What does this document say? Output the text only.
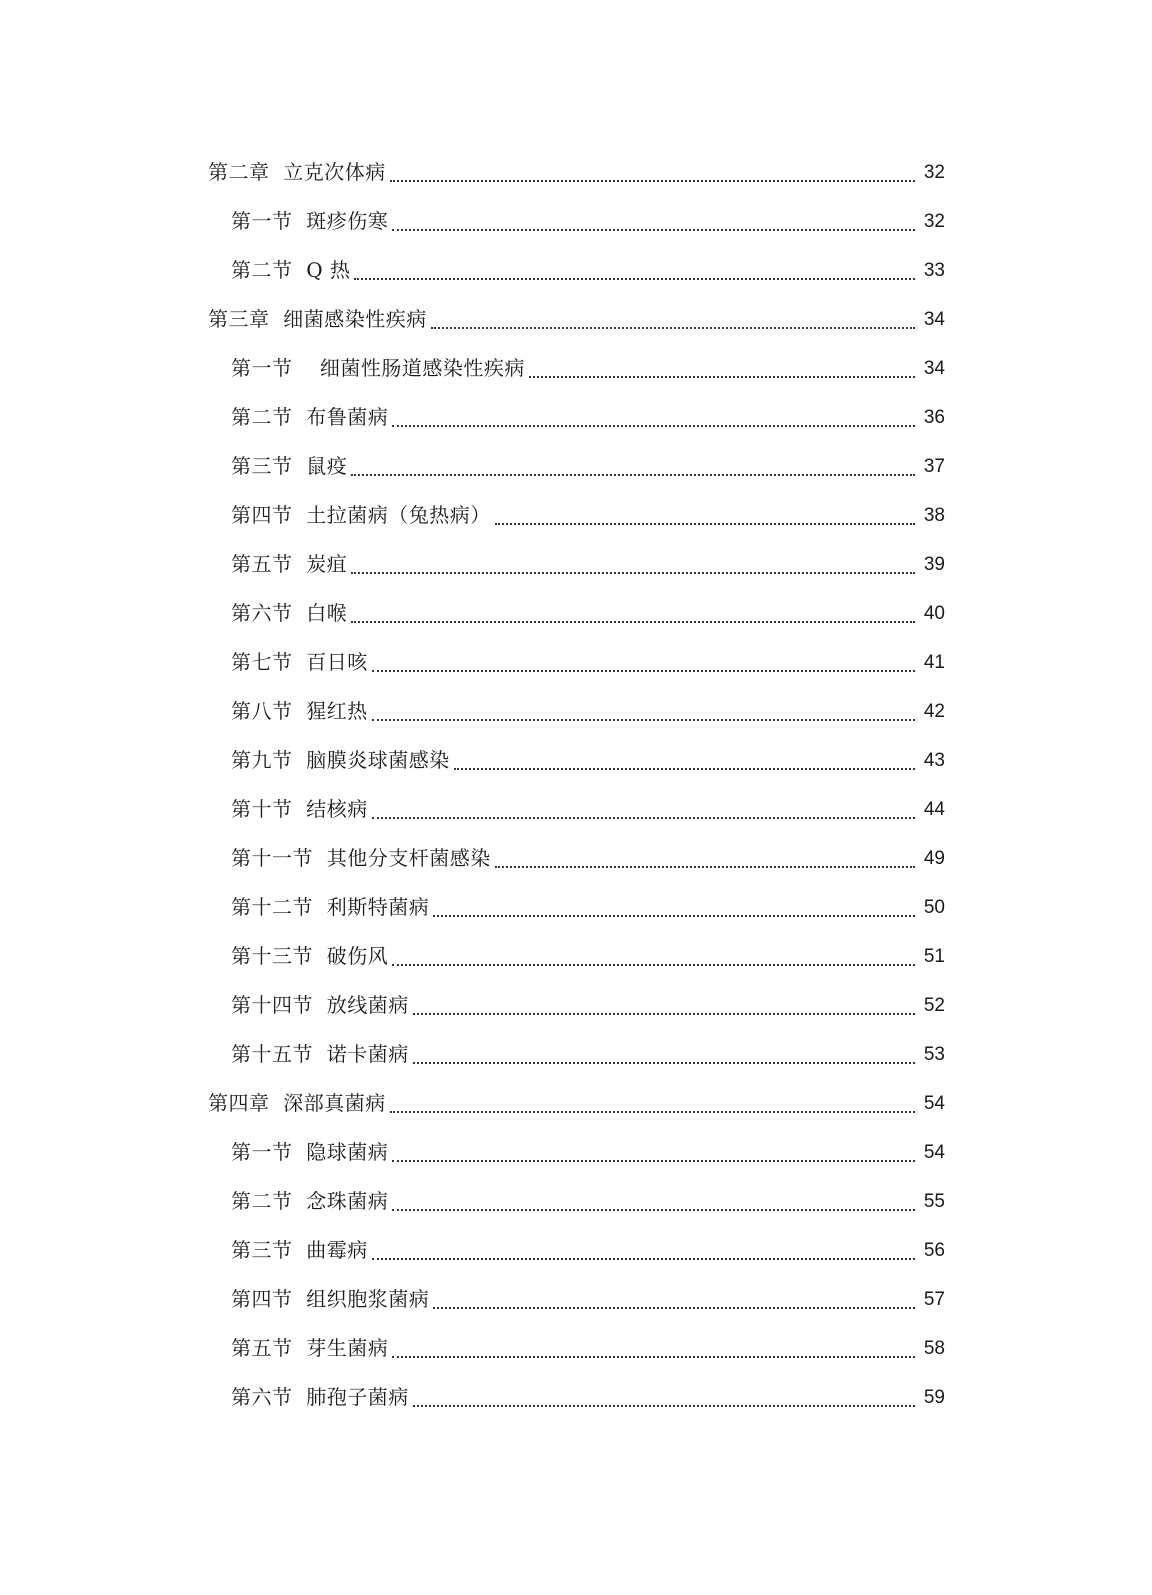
第二章  立克次体病	32
第一节  斑疹伤寒	32
第二节  Q 热	33
第三章  细菌感染性疾病	34
第一节    细菌性肠道感染性疾病	34
第二节  布鲁菌病	36
第三节  鼠疫	37
第四节  土拉菌病（兔热病）	38
第五节  炭疽	39
第六节  白喉	40
第七节  百日咳	41
第八节  猩红热	42
第九节  脑膜炎球菌感染	43
第十节  结核病	44
第十一节  其他分支杆菌感染	49
第十二节  利斯特菌病	50
第十三节  破伤风	51
第十四节  放线菌病	52
第十五节  诺卡菌病	53
第四章  深部真菌病	54
第一节  隐球菌病	54
第二节  念珠菌病	55
第三节  曲霉病	56
第四节  组织胞浆菌病	57
第五节  芽生菌病	58
第六节  肺孢子菌病	59
